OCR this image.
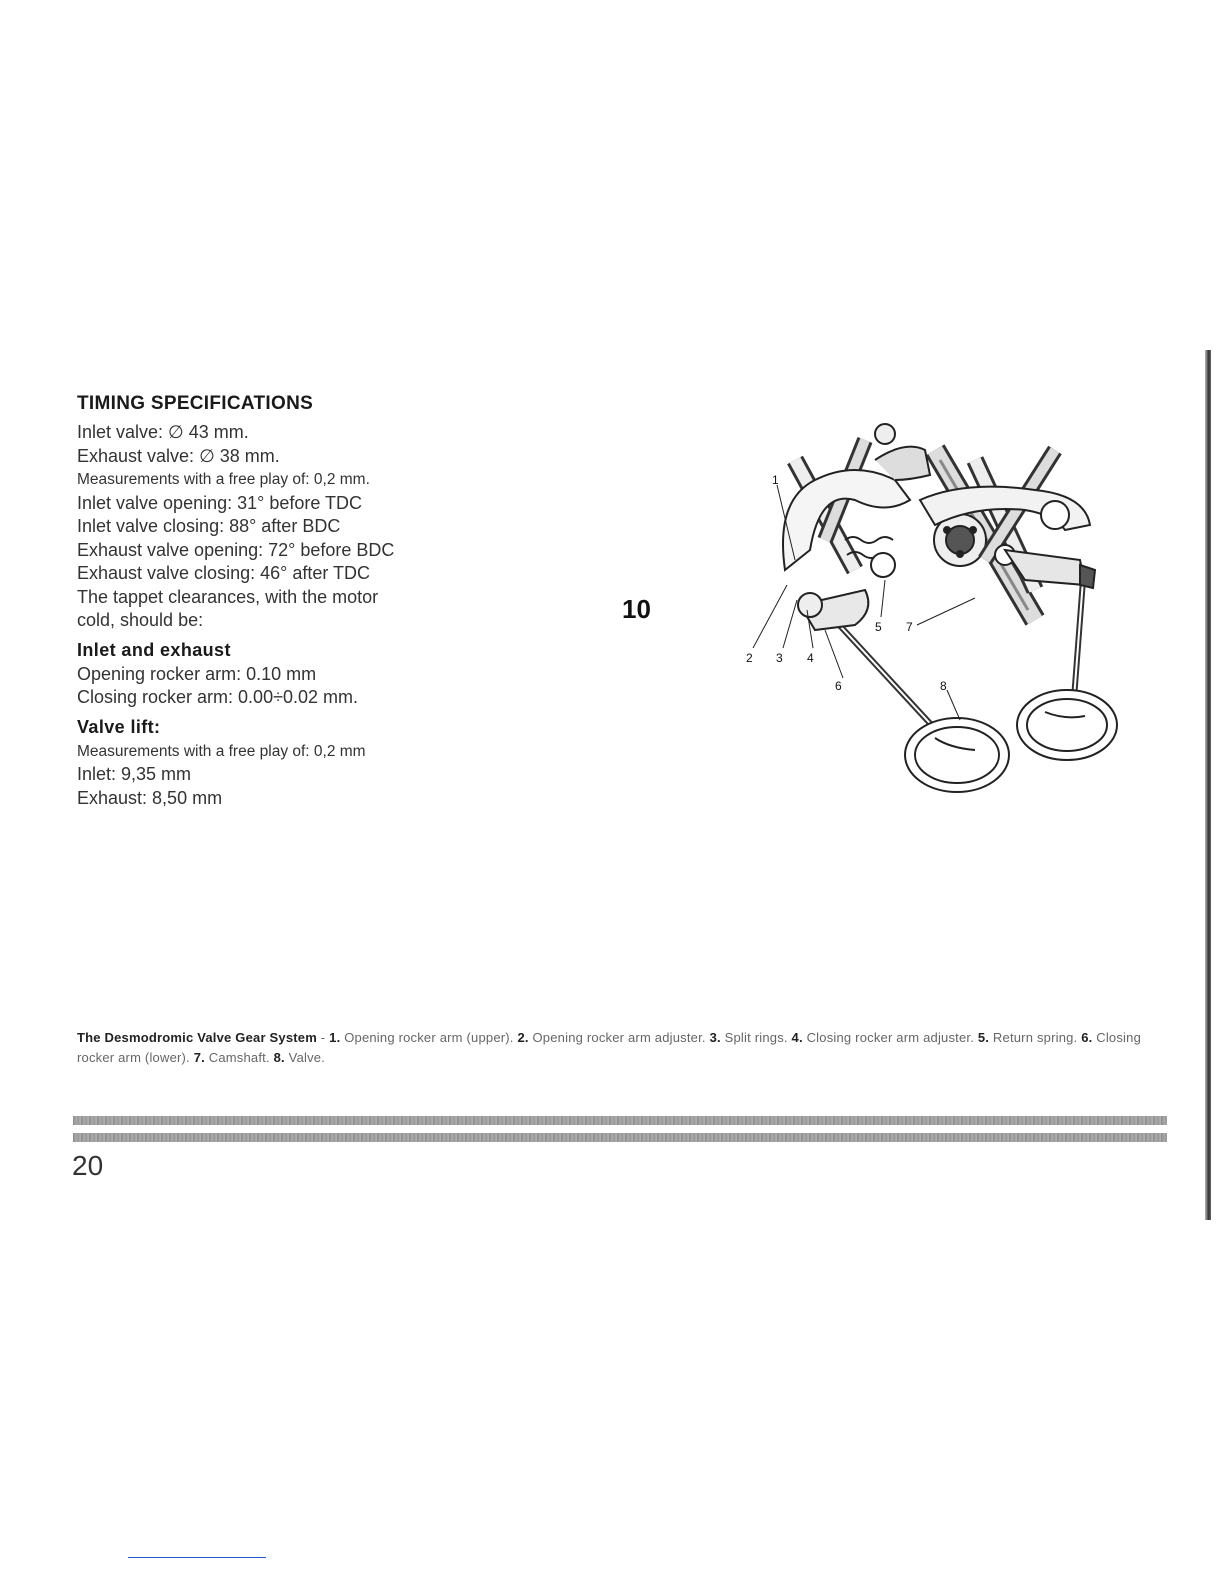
TIMING SPECIFICATIONS
Inlet valve: ∅ 43 mm.
Exhaust valve: ∅ 38 mm.
Measurements with a free play of: 0,2 mm.
Inlet valve opening: 31° before TDC
Inlet valve closing: 88° after BDC
Exhaust valve opening: 72° before BDC
Exhaust valve closing: 46° after TDC
The tappet clearances, with the motor
cold, should be:
Inlet and exhaust
Opening rocker arm: 0.10 mm
Closing rocker arm: 0.00÷0.02 mm.
Valve lift:
Measurements with a free play of: 0,2 mm
Inlet: 9,35 mm
Exhaust: 8,50 mm
10
1
2 3 4
5
6
7
8
The Desmodromic Valve Gear System - 1. Opening rocker arm (upper). 2. Opening rocker arm adjuster. 3. Split rings. 4. Closing rocker arm adjuster. 5. Return spring. 6. Closing rocker arm (lower). 7. Camshaft. 8. Valve.
20
